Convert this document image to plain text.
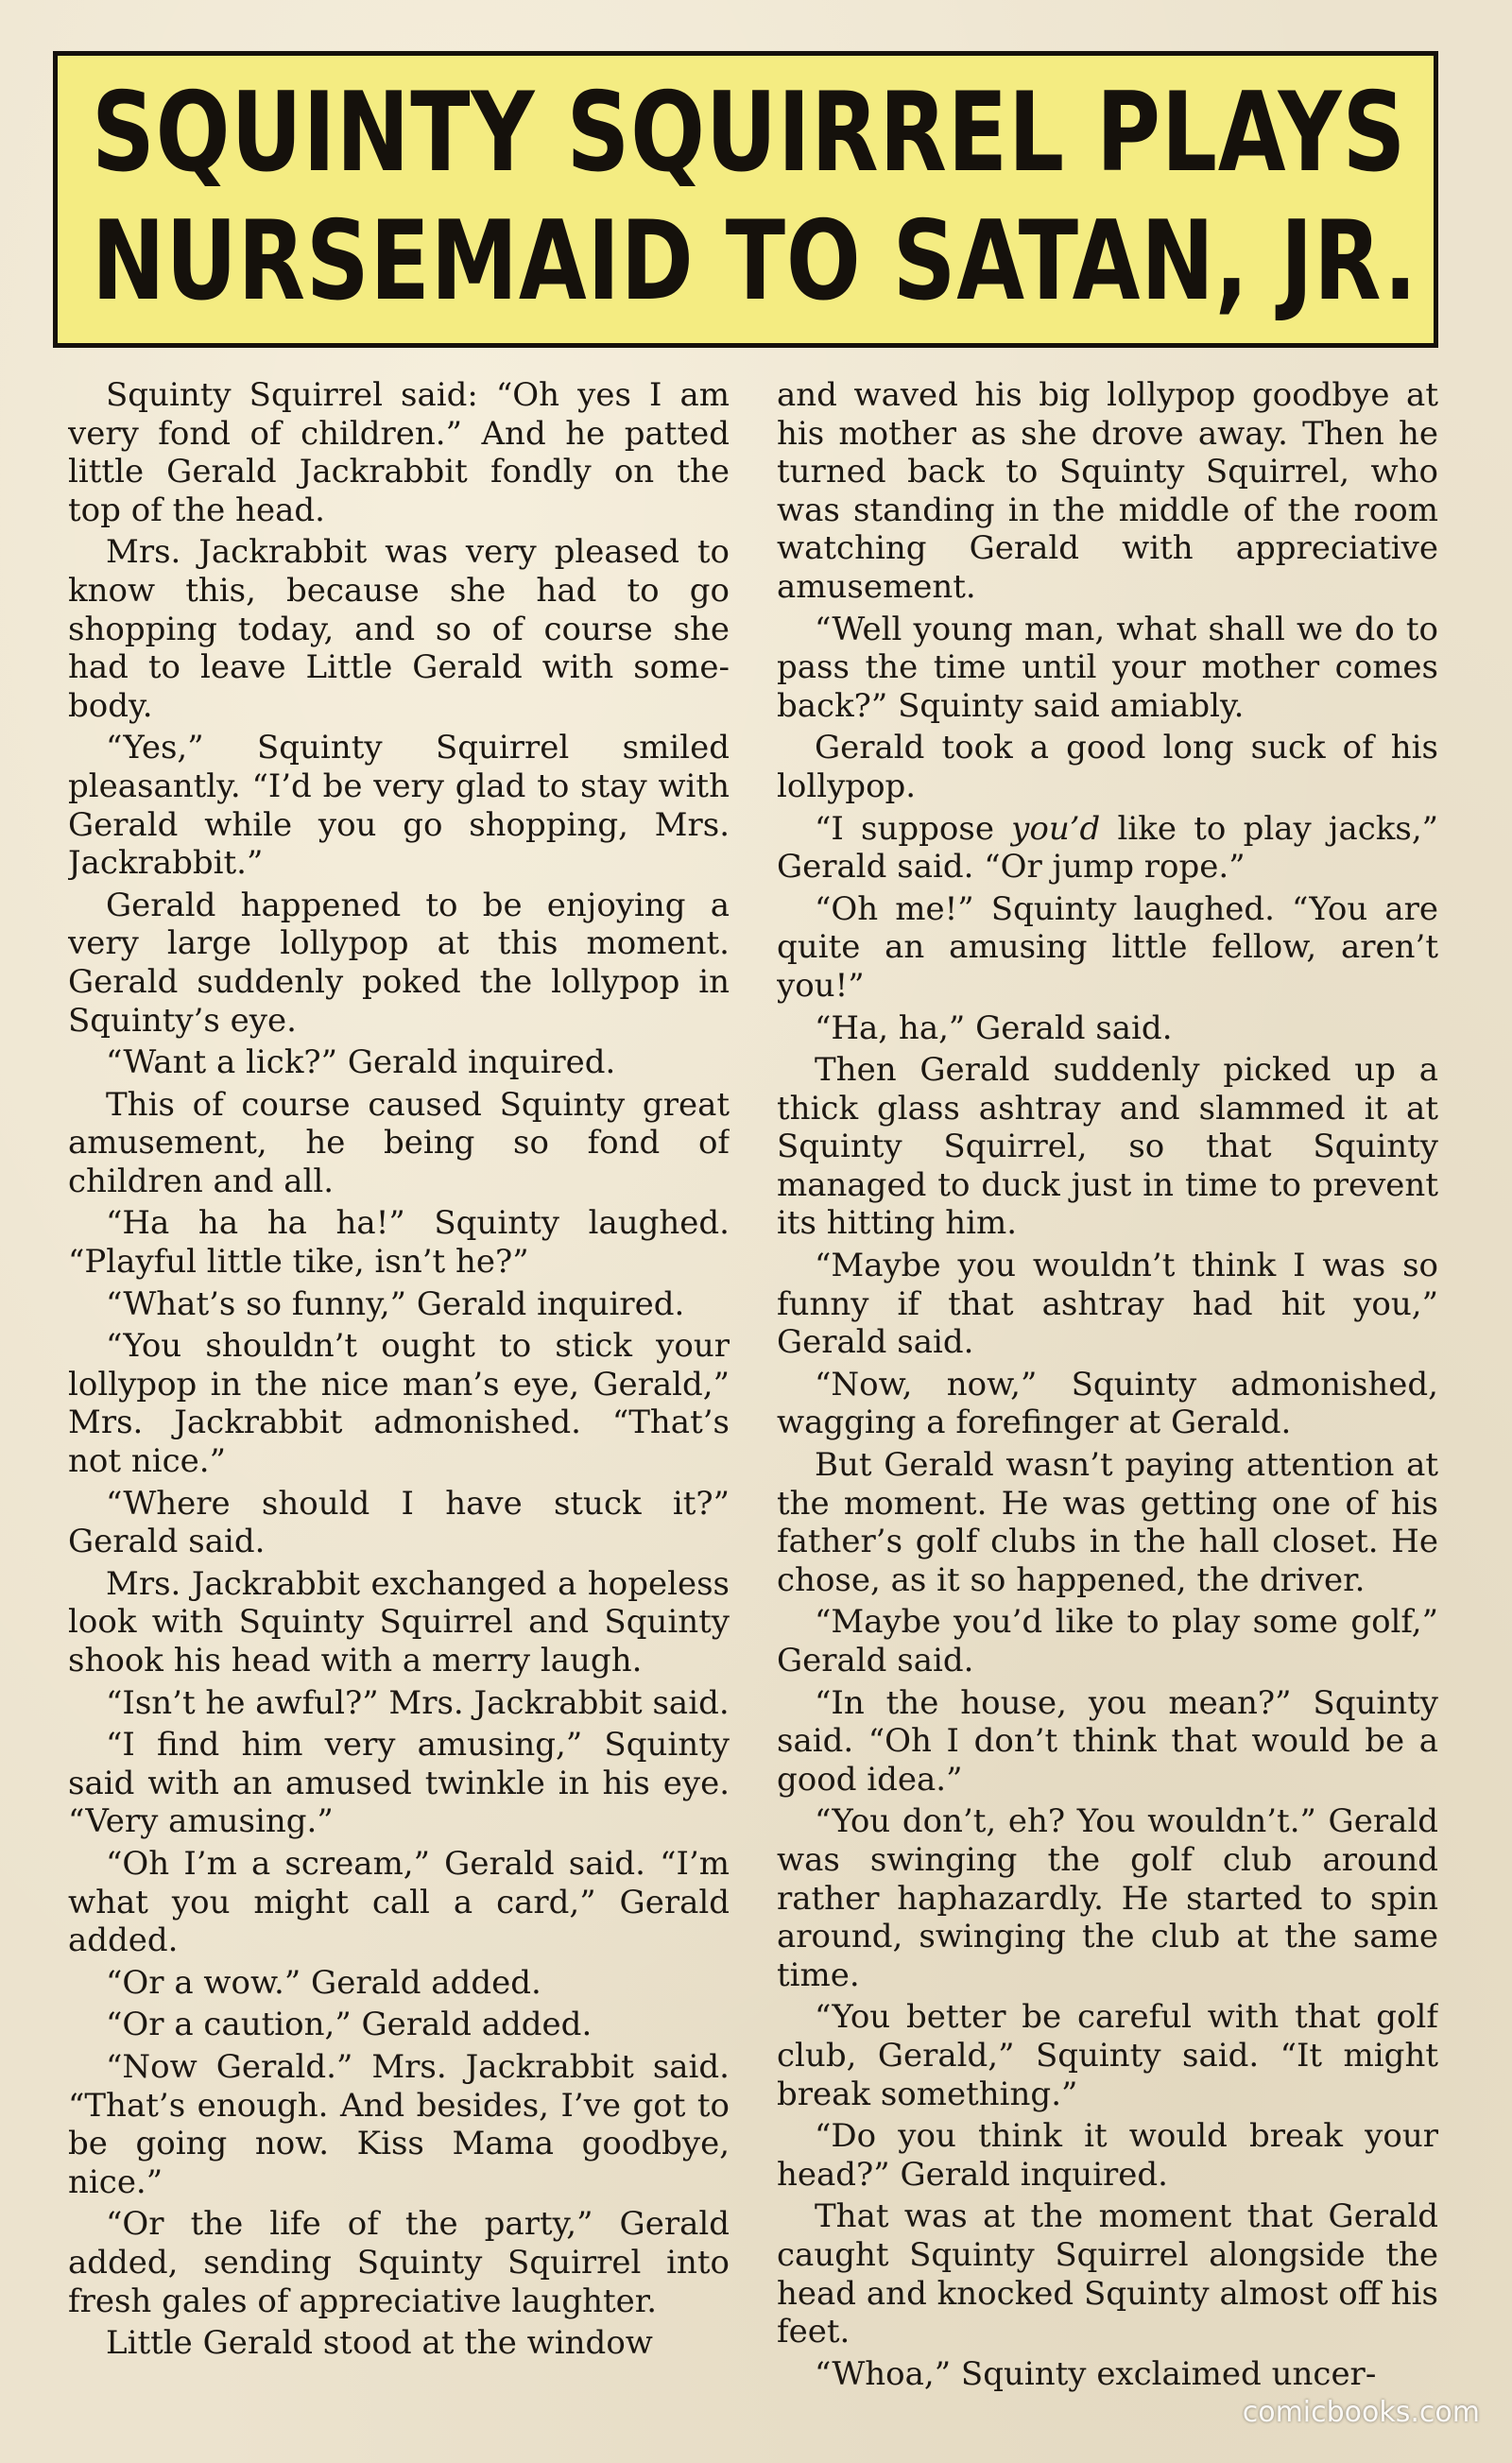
SQUINTY SQUIRREL PLAYS
NURSEMAID TO SATAN, JR.

Squinty Squirrel said: “Oh yes I am very fond of children.” And he patted little Gerald Jackrabbit fondly on the top of the head.

Mrs. Jackrabbit was very pleased to know this, because she had to go shopping today, and so of course she had to leave Little Gerald with somebody.

“Yes,” Squinty Squirrel smiled pleasantly. “I’d be very glad to stay with Gerald while you go shopping, Mrs. Jackrabbit.”

Gerald happened to be enjoying a very large lollypop at this moment. Gerald suddenly poked the lollypop in Squinty’s eye.

“Want a lick?” Gerald inquired.

This of course caused Squinty great amusement, he being so fond of children and all.

“Ha ha ha ha!” Squinty laughed. “Playful little tike, isn’t he?”

“What’s so funny,” Gerald inquired.

“You shouldn’t ought to stick your lollypop in the nice man’s eye, Gerald,” Mrs. Jackrabbit admonished. “That’s not nice.”

“Where should I have stuck it?” Gerald said.

Mrs. Jackrabbit exchanged a hopeless look with Squinty Squirrel and Squinty shook his head with a merry laugh.

“Isn’t he awful?” Mrs. Jackrabbit said.

“I find him very amusing,” Squinty said with an amused twinkle in his eye. “Very amusing.”

“Oh I’m a scream,” Gerald said. “I’m what you might call a card,” Gerald added.

“Or a wow.” Gerald added.

“Or a caution,” Gerald added.

“Now Gerald.” Mrs. Jackrabbit said. “That’s enough. And besides, I’ve got to be going now. Kiss Mama goodbye, nice.”

“Or the life of the party,” Gerald added, sending Squinty Squirrel into fresh gales of appreciative laughter.

Little Gerald stood at the window

and waved his big lollypop goodbye at his mother as she drove away. Then he turned back to Squinty Squirrel, who was standing in the middle of the room watching Gerald with appreciative amusement.

“Well young man, what shall we do to pass the time until your mother comes back?” Squinty said amiably.

Gerald took a good long suck of his lollypop.

“I suppose you’d like to play jacks,” Gerald said. “Or jump rope.”

“Oh me!” Squinty laughed. “You are quite an amusing little fellow, aren’t you!”

“Ha, ha,” Gerald said.

Then Gerald suddenly picked up a thick glass ashtray and slammed it at Squinty Squirrel, so that Squinty managed to duck just in time to prevent its hitting him.

“Maybe you wouldn’t think I was so funny if that ashtray had hit you,” Gerald said.

“Now, now,” Squinty admonished, wagging a forefinger at Gerald.

But Gerald wasn’t paying attention at the moment. He was getting one of his father’s golf clubs in the hall closet. He chose, as it so happened, the driver.

“Maybe you’d like to play some golf,” Gerald said.

“In the house, you mean?” Squinty said. “Oh I don’t think that would be a good idea.”

“You don’t, eh? You wouldn’t.” Gerald was swinging the golf club around rather haphazardly. He started to spin around, swinging the club at the same time.

“You better be careful with that golf club, Gerald,” Squinty said. “It might break something.”

“Do you think it would break your head?” Gerald inquired.

That was at the moment that Gerald caught Squinty Squirrel alongside the head and knocked Squinty almost off his feet.

“Whoa,” Squinty exclaimed uncer-

comicbooks.com
